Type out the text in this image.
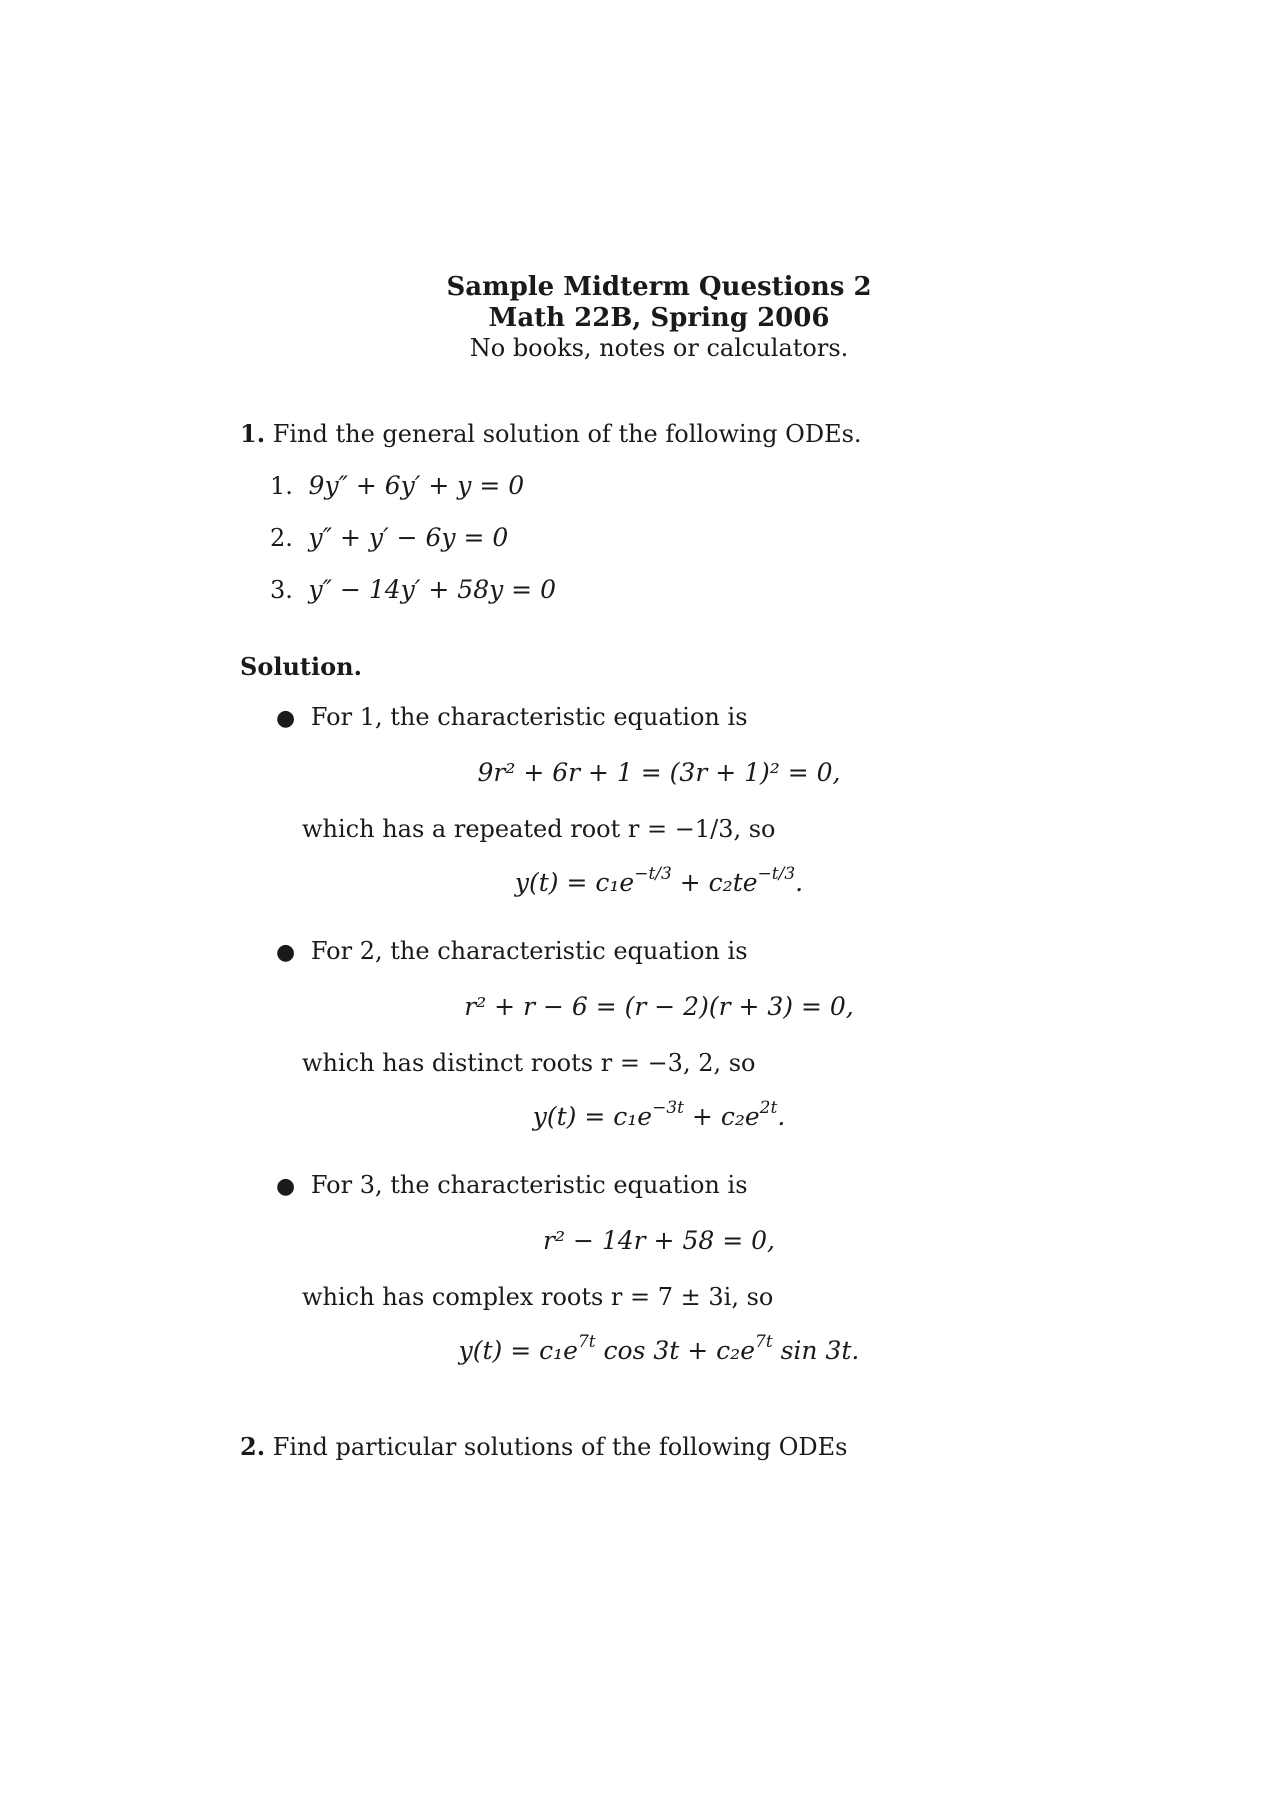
Sample Midterm Questions 2
Math 22B, Spring 2006
No books, notes or calculators.
1. Find the general solution of the following ODEs.
1. 9y″ + 6y′ + y = 0
2. y″ + y′ − 6y = 0
3. y″ − 14y′ + 58y = 0
Solution.
● For 1, the characteristic equation is
9r² + 6r + 1 = (3r + 1)² = 0,
which has a repeated root r = −1/3, so
$y(t) = c_1e^{-t/3} + c_2te^{-t/3}$.
● For 2, the characteristic equation is
r² + r − 6 = (r − 2)(r + 3) = 0,
which has distinct roots r = −3, 2, so
$y(t) = c_1e^{-3t} + c_2e^{2t}$.
● For 3, the characteristic equation is
r² − 14r + 58 = 0,
which has complex roots r = 7 ± 3i, so
$y(t) = c_1e^{7t}$ $\cos 3t + c_2e^{7t}$ sin 3t.
2. Find particular solutions of the following ODEs
